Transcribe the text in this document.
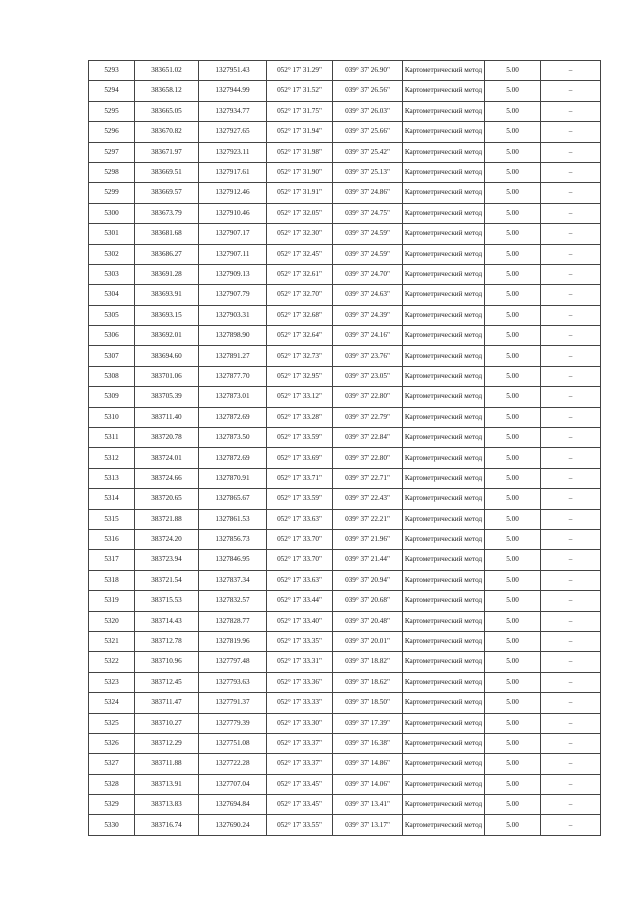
5293	383651.02	1327951.43	052° 17' 31.29"	039° 37' 26.90"	Картометрический метод	5.00	–
5294	383658.12	1327944.99	052° 17' 31.52"	039° 37' 26.56"	Картометрический метод	5.00	–
5295	383665.05	1327934.77	052° 17' 31.75"	039° 37' 26.03"	Картометрический метод	5.00	–
5296	383670.82	1327927.65	052° 17' 31.94"	039° 37' 25.66"	Картометрический метод	5.00	–
5297	383671.97	1327923.11	052° 17' 31.98"	039° 37' 25.42"	Картометрический метод	5.00	–
5298	383669.51	1327917.61	052° 17' 31.90"	039° 37' 25.13"	Картометрический метод	5.00	–
5299	383669.57	1327912.46	052° 17' 31.91"	039° 37' 24.86"	Картометрический метод	5.00	–
5300	383673.79	1327910.46	052° 17' 32.05"	039° 37' 24.75"	Картометрический метод	5.00	–
5301	383681.68	1327907.17	052° 17' 32.30"	039° 37' 24.59"	Картометрический метод	5.00	–
5302	383686.27	1327907.11	052° 17' 32.45"	039° 37' 24.59"	Картометрический метод	5.00	–
5303	383691.28	1327909.13	052° 17' 32.61"	039° 37' 24.70"	Картометрический метод	5.00	–
5304	383693.91	1327907.79	052° 17' 32.70"	039° 37' 24.63"	Картометрический метод	5.00	–
5305	383693.15	1327903.31	052° 17' 32.68"	039° 37' 24.39"	Картометрический метод	5.00	–
5306	383692.01	1327898.90	052° 17' 32.64"	039° 37' 24.16"	Картометрический метод	5.00	–
5307	383694.60	1327891.27	052° 17' 32.73"	039° 37' 23.76"	Картометрический метод	5.00	–
5308	383701.06	1327877.70	052° 17' 32.95"	039° 37' 23.05"	Картометрический метод	5.00	–
5309	383705.39	1327873.01	052° 17' 33.12"	039° 37' 22.80"	Картометрический метод	5.00	–
5310	383711.40	1327872.69	052° 17' 33.28"	039° 37' 22.79"	Картометрический метод	5.00	–
5311	383720.78	1327873.50	052° 17' 33.59"	039° 37' 22.84"	Картометрический метод	5.00	–
5312	383724.01	1327872.69	052° 17' 33.69"	039° 37' 22.80"	Картометрический метод	5.00	–
5313	383724.66	1327870.91	052° 17' 33.71"	039° 37' 22.71"	Картометрический метод	5.00	–
5314	383720.65	1327865.67	052° 17' 33.59"	039° 37' 22.43"	Картометрический метод	5.00	–
5315	383721.88	1327861.53	052° 17' 33.63"	039° 37' 22.21"	Картометрический метод	5.00	–
5316	383724.20	1327856.73	052° 17' 33.70"	039° 37' 21.96"	Картометрический метод	5.00	–
5317	383723.94	1327846.95	052° 17' 33.70"	039° 37' 21.44"	Картометрический метод	5.00	–
5318	383721.54	1327837.34	052° 17' 33.63"	039° 37' 20.94"	Картометрический метод	5.00	–
5319	383715.53	1327832.57	052° 17' 33.44"	039° 37' 20.68"	Картометрический метод	5.00	–
5320	383714.43	1327828.77	052° 17' 33.40"	039° 37' 20.48"	Картометрический метод	5.00	–
5321	383712.78	1327819.96	052° 17' 33.35"	039° 37' 20.01"	Картометрический метод	5.00	–
5322	383710.96	1327797.48	052° 17' 33.31"	039° 37' 18.82"	Картометрический метод	5.00	–
5323	383712.45	1327793.63	052° 17' 33.36"	039° 37' 18.62"	Картометрический метод	5.00	–
5324	383711.47	1327791.37	052° 17' 33.33"	039° 37' 18.50"	Картометрический метод	5.00	–
5325	383710.27	1327779.39	052° 17' 33.30"	039° 37' 17.39"	Картометрический метод	5.00	–
5326	383712.29	1327751.08	052° 17' 33.37"	039° 37' 16.38"	Картометрический метод	5.00	–
5327	383711.88	1327722.28	052° 17' 33.37"	039° 37' 14.86"	Картометрический метод	5.00	–
5328	383713.91	1327707.04	052° 17' 33.45"	039° 37' 14.06"	Картометрический метод	5.00	–
5329	383713.83	1327694.84	052° 17' 33.45"	039° 37' 13.41"	Картометрический метод	5.00	–
5330	383716.74	1327690.24	052° 17' 33.55"	039° 37' 13.17"	Картометрический метод	5.00	–
